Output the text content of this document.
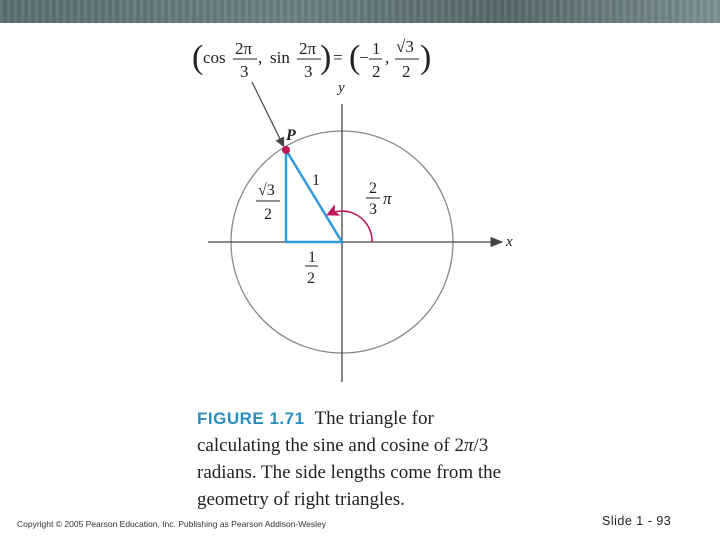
( cos 2π
3
, sin 2π
3 ) = (
− 1
2
,
√3
2 )
y
x
P
1
√3
2
1
2
2
3
π
FIGURE 1.71 The triangle for
calculating the sine and cosine of 2π/3
radians. The side lengths come from the
geometry of right triangles.
Copyright © 2005 Pearson Education, Inc. Publishing as Pearson Addison-Wesley	Slide 1 - 93
